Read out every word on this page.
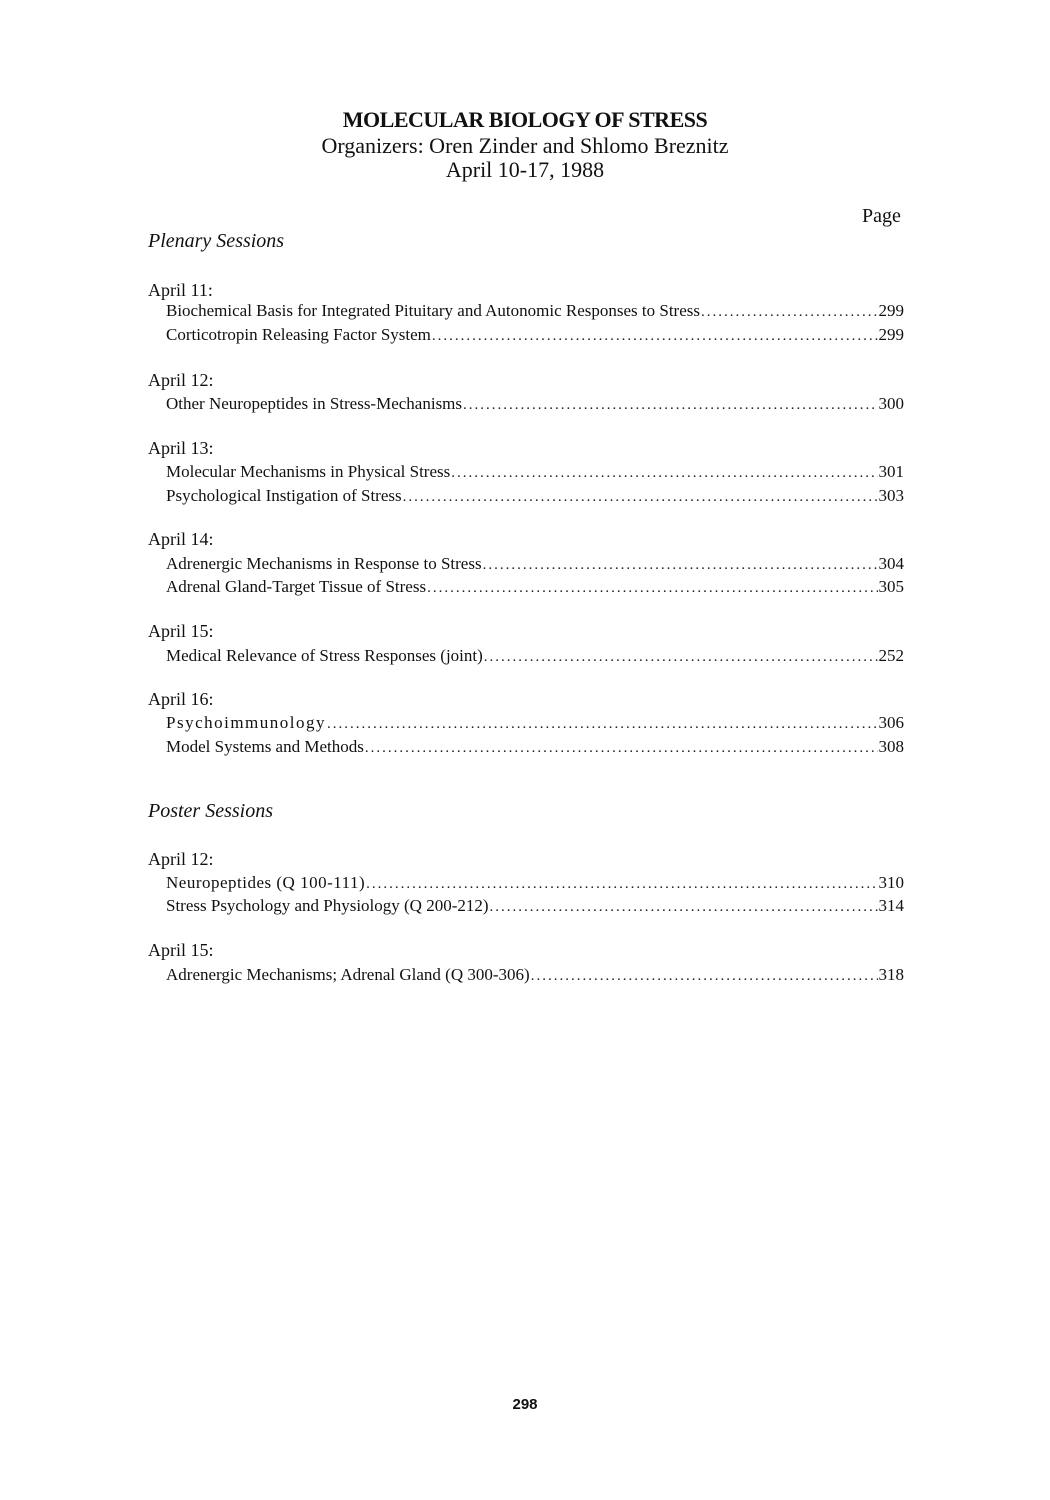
MOLECULAR BIOLOGY OF STRESS
Organizers: Oren Zinder and Shlomo Breznitz
April 10-17, 1988
Page
Plenary Sessions
April 11:
Biochemical Basis for Integrated Pituitary and Autonomic Responses to Stress .....	299
Corticotropin Releasing Factor System .....	299
April 12:
Other Neuropeptides in Stress-Mechanisms .....	300
April 13:
Molecular Mechanisms in Physical Stress .....	301
Psychological Instigation of Stress .....	303
April 14:
Adrenergic Mechanisms in Response to Stress .....	304
Adrenal Gland-Target Tissue of Stress .....	305
April 15:
Medical Relevance of Stress Responses (joint) .....	252
April 16:
Psychoimmunology .....	306
Model Systems and Methods .....	308
Poster Sessions
April 12:
Neuropeptides (Q 100-111) .....	310
Stress Psychology and Physiology (Q 200-212) .....	314
April 15:
Adrenergic Mechanisms; Adrenal Gland (Q 300-306) .....	318
298
